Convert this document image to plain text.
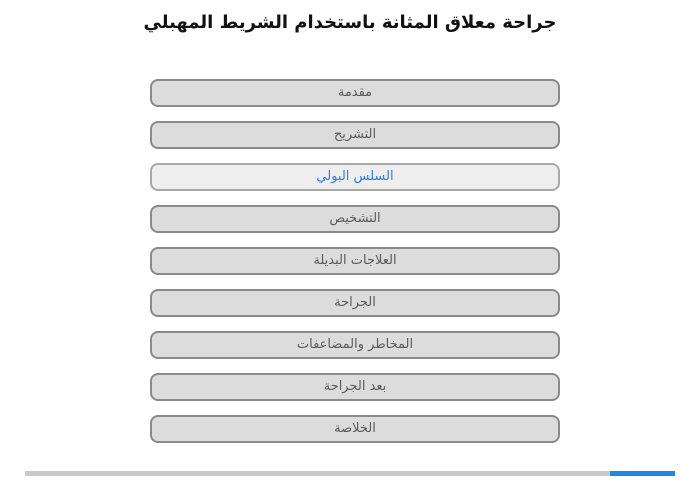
جراحة معلاق المثانة باستخدام الشريط المهبلي
مقدمة
التشريح
السلس البولي
التشخيص
العلاجات البديلة
الجراحة
المخاطر والمضاعفات
بعد الجراحة
الخلاصة
